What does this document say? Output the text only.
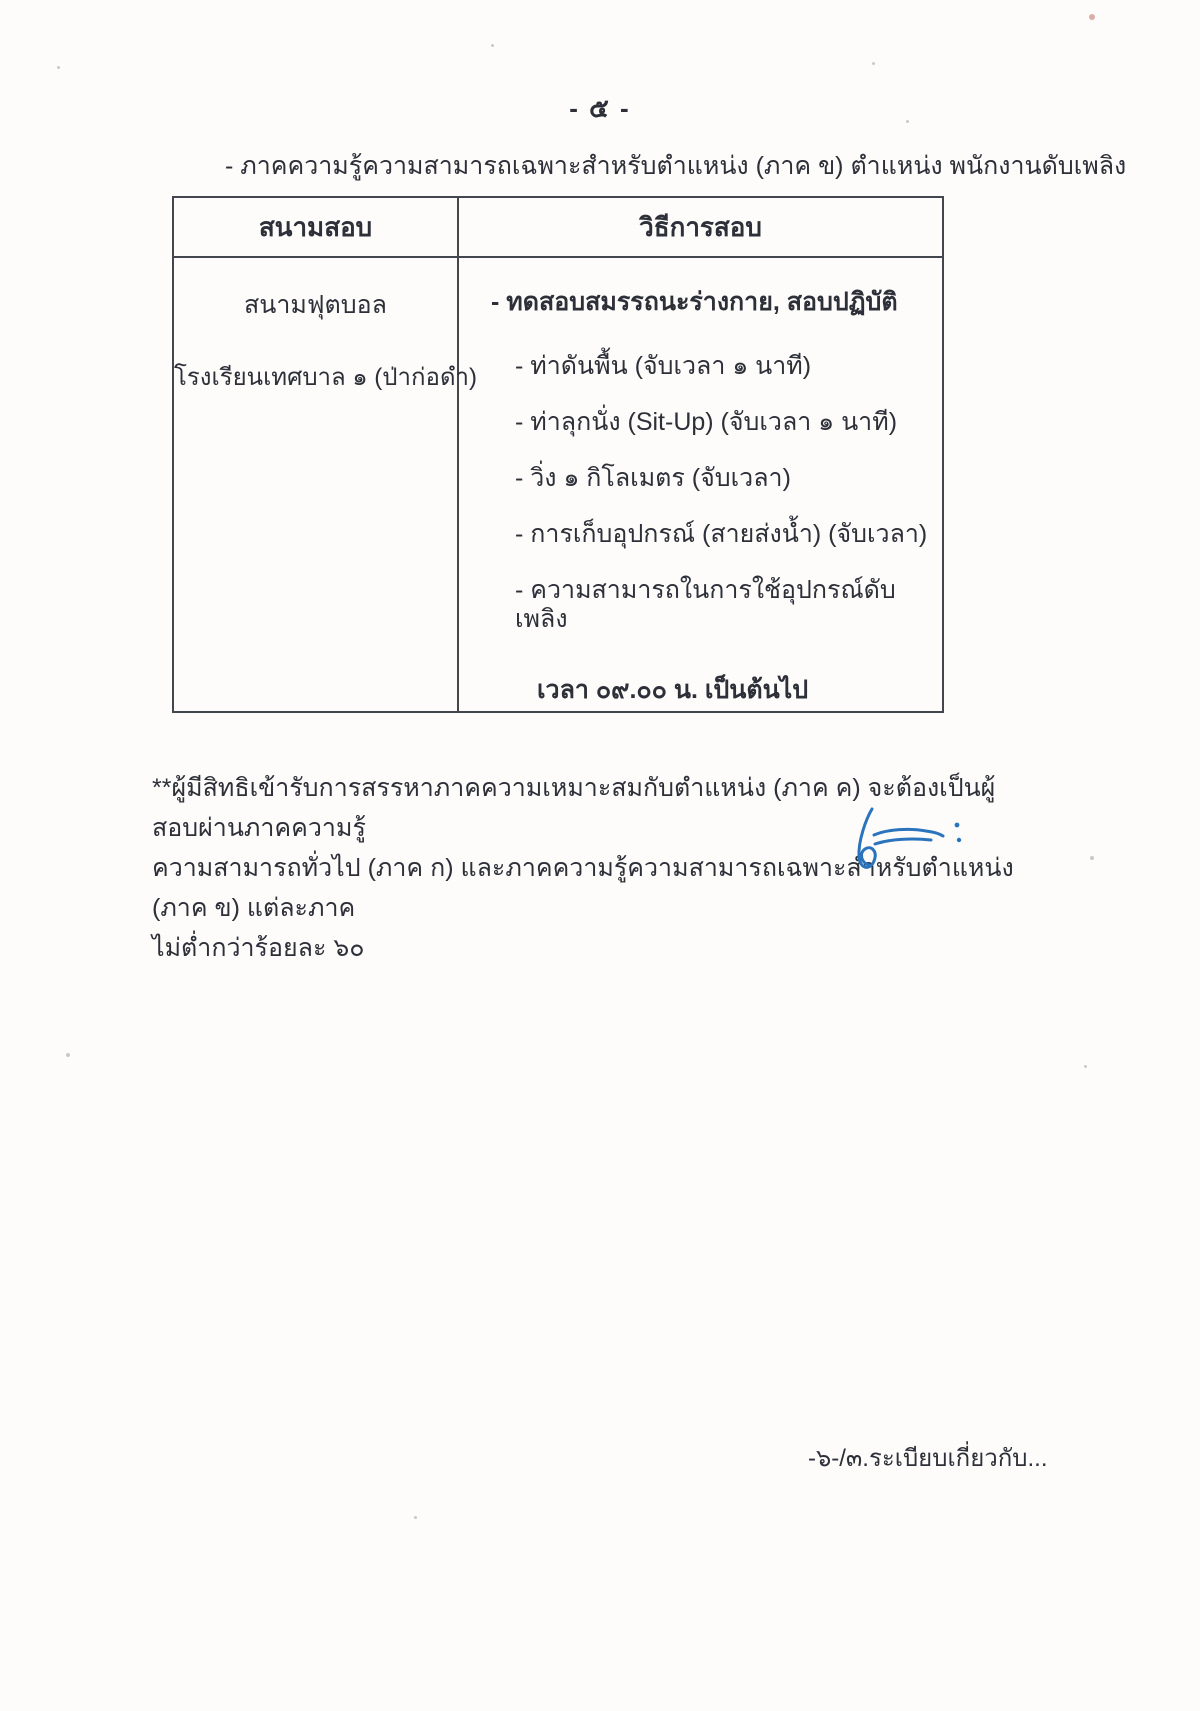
- ๕ -
- ภาคความรู้ความสามารถเฉพาะสำหรับตำแหน่ง (ภาค ข) ตำแหน่ง พนักงานดับเพลิง
สนามสอบ	วิธีการสอบ
สนามฟุตบอล
โรงเรียนเทศบาล ๑ (ป่าก่อดำ)
- ทดสอบสมรรถนะร่างกาย, สอบปฏิบัติ
- ท่าดันพื้น (จับเวลา ๑ นาที)
- ท่าลุกนั่ง (Sit-Up) (จับเวลา ๑ นาที)
- วิ่ง ๑ กิโลเมตร (จับเวลา)
- การเก็บอุปกรณ์ (สายส่งน้ำ) (จับเวลา)
- ความสามารถในการใช้อุปกรณ์ดับเพลิง
เวลา ๐๙.๐๐ น. เป็นต้นไป
**ผู้มีสิทธิเข้ารับการสรรหาภาคความเหมาะสมกับตำแหน่ง (ภาค ค) จะต้องเป็นผู้สอบผ่านภาคความรู้
ความสามารถทั่วไป (ภาค ก) และภาคความรู้ความสามารถเฉพาะสำหรับตำแหน่ง (ภาค ข) แต่ละภาค
ไม่ต่ำกว่าร้อยละ ๖๐
-๖-/๓.ระเบียบเกี่ยวกับ...
